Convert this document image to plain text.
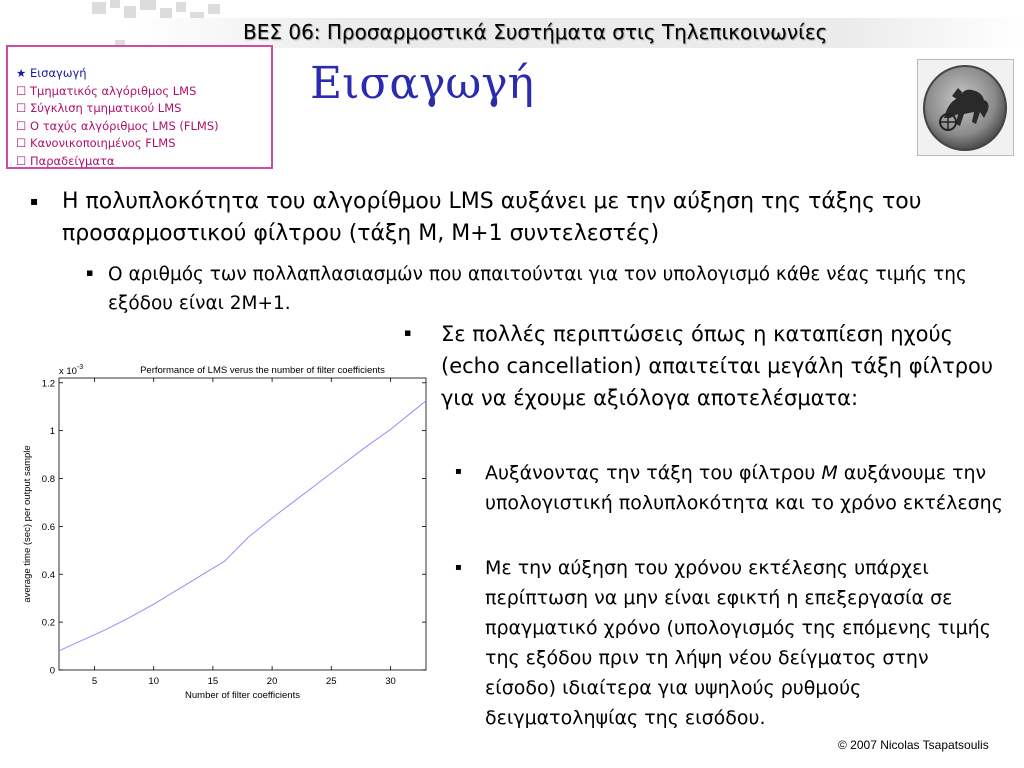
ΒΕΣ 06: Προσαρμοστικά Συστήματα στις Τηλεπικοινωνίες
Εισαγωγή
★ Εισαγωγή
☐ Τμηματικός αλγόριθμος LMS
☐ Σύγκλιση τμηματικού LMS
☐ Ο ταχύς αλγόριθμος LMS (FLMS)
☐ Κανονικοποιημένος FLMS
☐ Παραδείγματα
▪ Η πολυπλοκότητα του αλγορίθμου LMS αυξάνει με την αύξηση της τάξης του προσαρμοστικού φίλτρου (τάξη M, M+1 συντελεστές)
▪ Ο αριθμός των πολλαπλασιασμών που απαιτούνται για τον υπολογισμό κάθε νέας τιμής της εξόδου είναι 2M+1.
▪ Σε πολλές περιπτώσεις όπως η καταπίεση ηχούς (echo cancellation) απαιτείται μεγάλη τάξη φίλτρου για να έχουμε αξιόλογα αποτελέσματα:
▪ Αυξάνοντας την τάξη του φίλτρου M αυξάνουμε την υπολογιστική πολυπλοκότητα και το χρόνο εκτέλεσης
▪ Με την αύξηση του χρόνου εκτέλεσης υπάρχει περίπτωση να μην είναι εφικτή η επεξεργασία σε πραγματικό χρόνο (υπολογισμός της επόμενης τιμής της εξόδου πριν τη λήψη νέου δείγματος στην είσοδο) ιδιαίτερα για υψηλούς ρυθμούς δειγματοληψίας της εισόδου.
5	10	15	20	25	30
0
0.2
0.4
0.6
0.8
1
1.2
x $10^{-3}$	Performance of LMS verus the number of filter coefficients
Number of filter coefficients
average time (sec) per output sample
© 2007 Nicolas Tsapatsoulis
